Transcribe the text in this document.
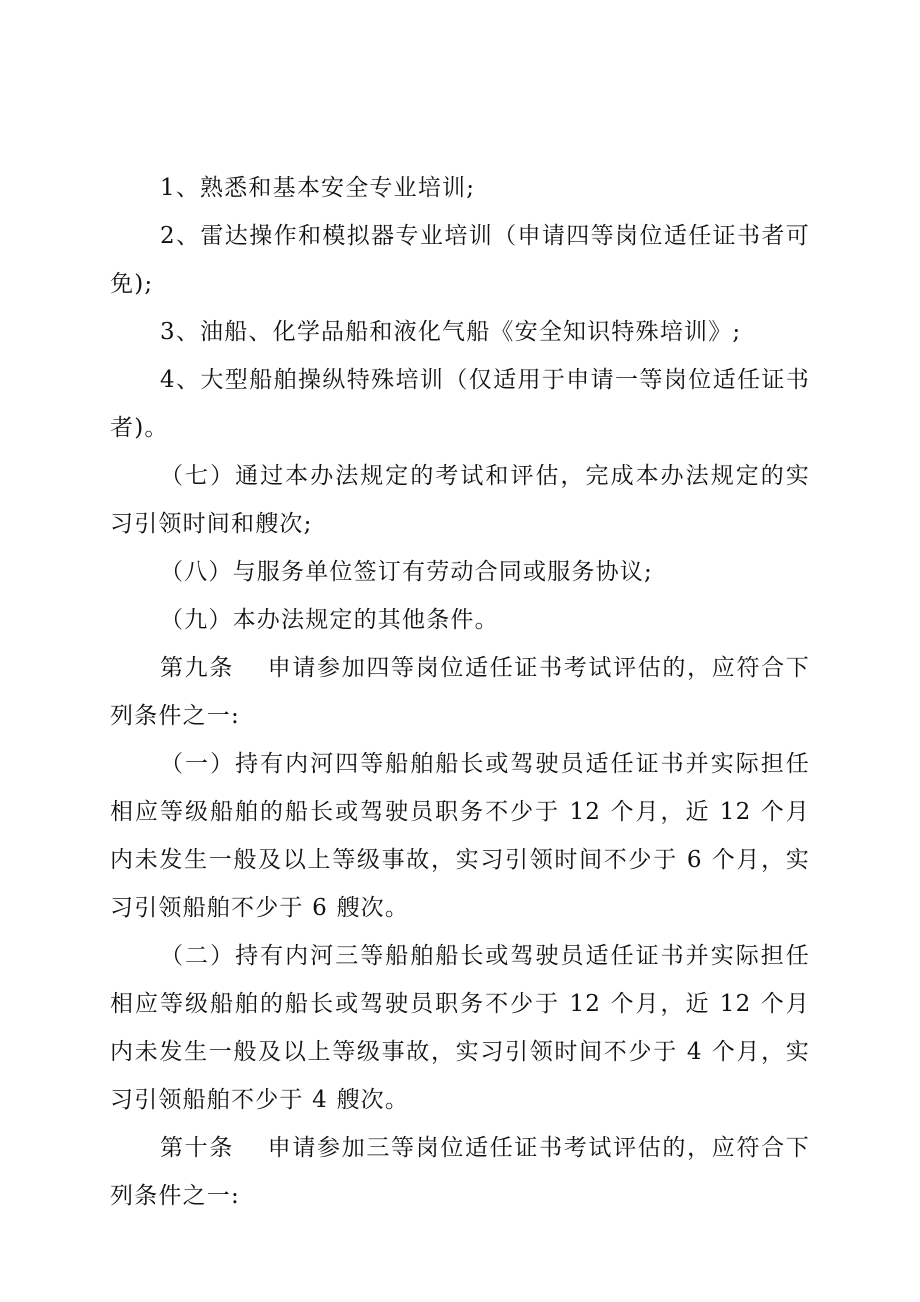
1、熟悉和基本安全专业培训;

2、雷达操作和模拟器专业培训（申请四等岗位适任证书者可免);

3、油船、化学品船和液化气船《安全知识特殊培训》;

4、大型船舶操纵特殊培训（仅适用于申请一等岗位适任证书者)。

（七）通过本办法规定的考试和评估，完成本办法规定的实习引领时间和艘次;

（八）与服务单位签订有劳动合同或服务协议;

（九）本办法规定的其他条件。

第九条　 申请参加四等岗位适任证书考试评估的，应符合下列条件之一:

（一）持有内河四等船舶船长或驾驶员适任证书并实际担任相应等级船舶的船长或驾驶员职务不少于 12 个月，近 12 个月内未发生一般及以上等级事故，实习引领时间不少于 6 个月，实习引领船舶不少于 6 艘次。

（二）持有内河三等船舶船长或驾驶员适任证书并实际担任相应等级船舶的船长或驾驶员职务不少于 12 个月，近 12 个月内未发生一般及以上等级事故，实习引领时间不少于 4 个月，实习引领船舶不少于 4 艘次。

第十条　 申请参加三等岗位适任证书考试评估的，应符合下列条件之一:
